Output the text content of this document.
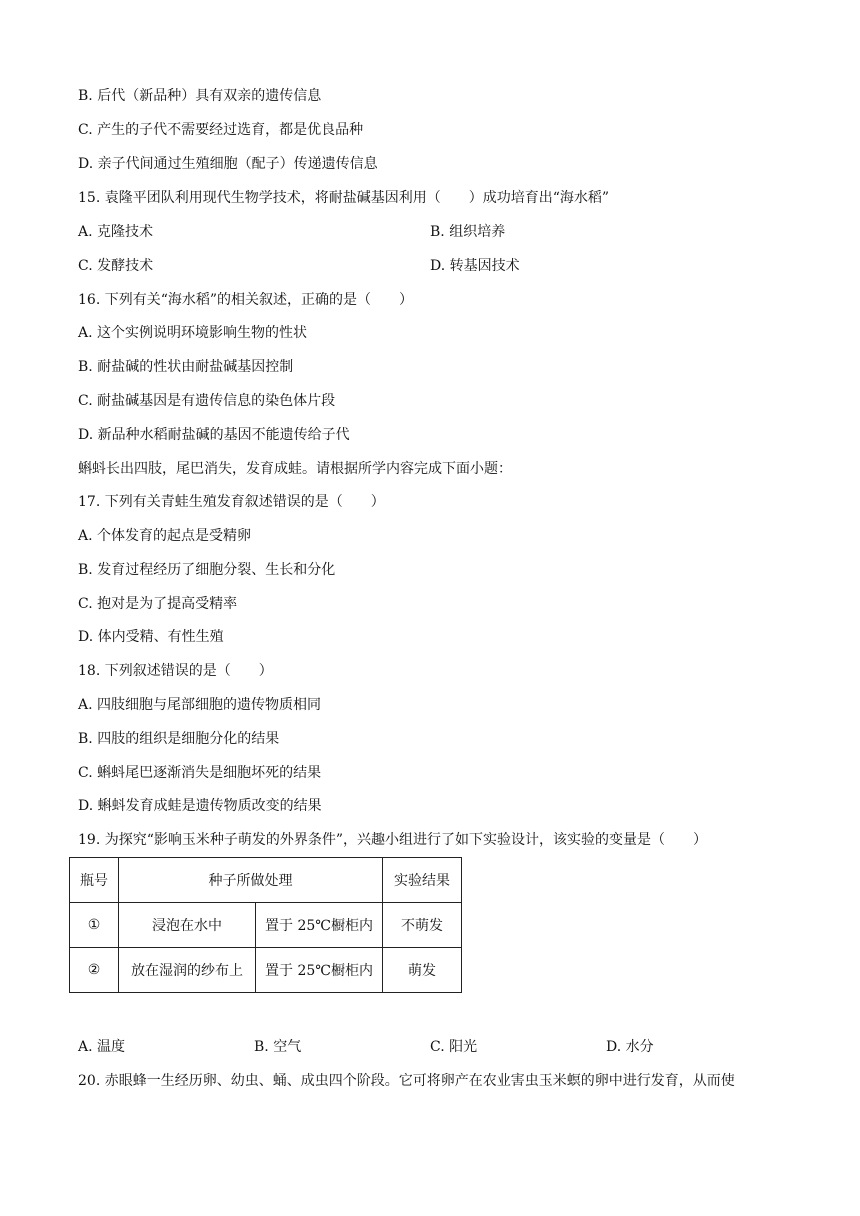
B. 后代（新品种）具有双亲的遗传信息
C. 产生的子代不需要经过选育，都是优良品种
D. 亲子代间通过生殖细胞（配子）传递遗传信息
15. 袁隆平团队利用现代生物学技术，将耐盐碱基因利用（　　）成功培育出“海水稻”
A. 克隆技术	B. 组织培养
C. 发酵技术	D. 转基因技术
16. 下列有关“海水稻”的相关叙述，正确的是（　　）
A. 这个实例说明环境影响生物的性状
B. 耐盐碱的性状由耐盐碱基因控制
C. 耐盐碱基因是有遗传信息的染色体片段
D. 新品种水稻耐盐碱的基因不能遗传给子代
蝌蚪长出四肢，尾巴消失，发育成蛙。请根据所学内容完成下面小题：
17. 下列有关青蛙生殖发育叙述错误的是（　　）
A. 个体发育的起点是受精卵
B. 发育过程经历了细胞分裂、生长和分化
C. 抱对是为了提高受精率
D. 体内受精、有性生殖
18. 下列叙述错误的是（　　）
A. 四肢细胞与尾部细胞的遗传物质相同
B. 四肢的组织是细胞分化的结果
C. 蝌蚪尾巴逐渐消失是细胞坏死的结果
D. 蝌蚪发育成蛙是遗传物质改变的结果
19. 为探究“影响玉米种子萌发的外界条件”，兴趣小组进行了如下实验设计，该实验的变量是（　　）
瓶号	种子所做处理		实验结果
①	浸泡在水中	置于 25℃橱柜内	不萌发
②	放在湿润的纱布上	置于 25℃橱柜内	萌发
A. 温度	B. 空气	C. 阳光	D. 水分
20. 赤眼蜂一生经历卵、幼虫、蛹、成虫四个阶段。它可将卵产在农业害虫玉米螟的卵中进行发育，从而使
